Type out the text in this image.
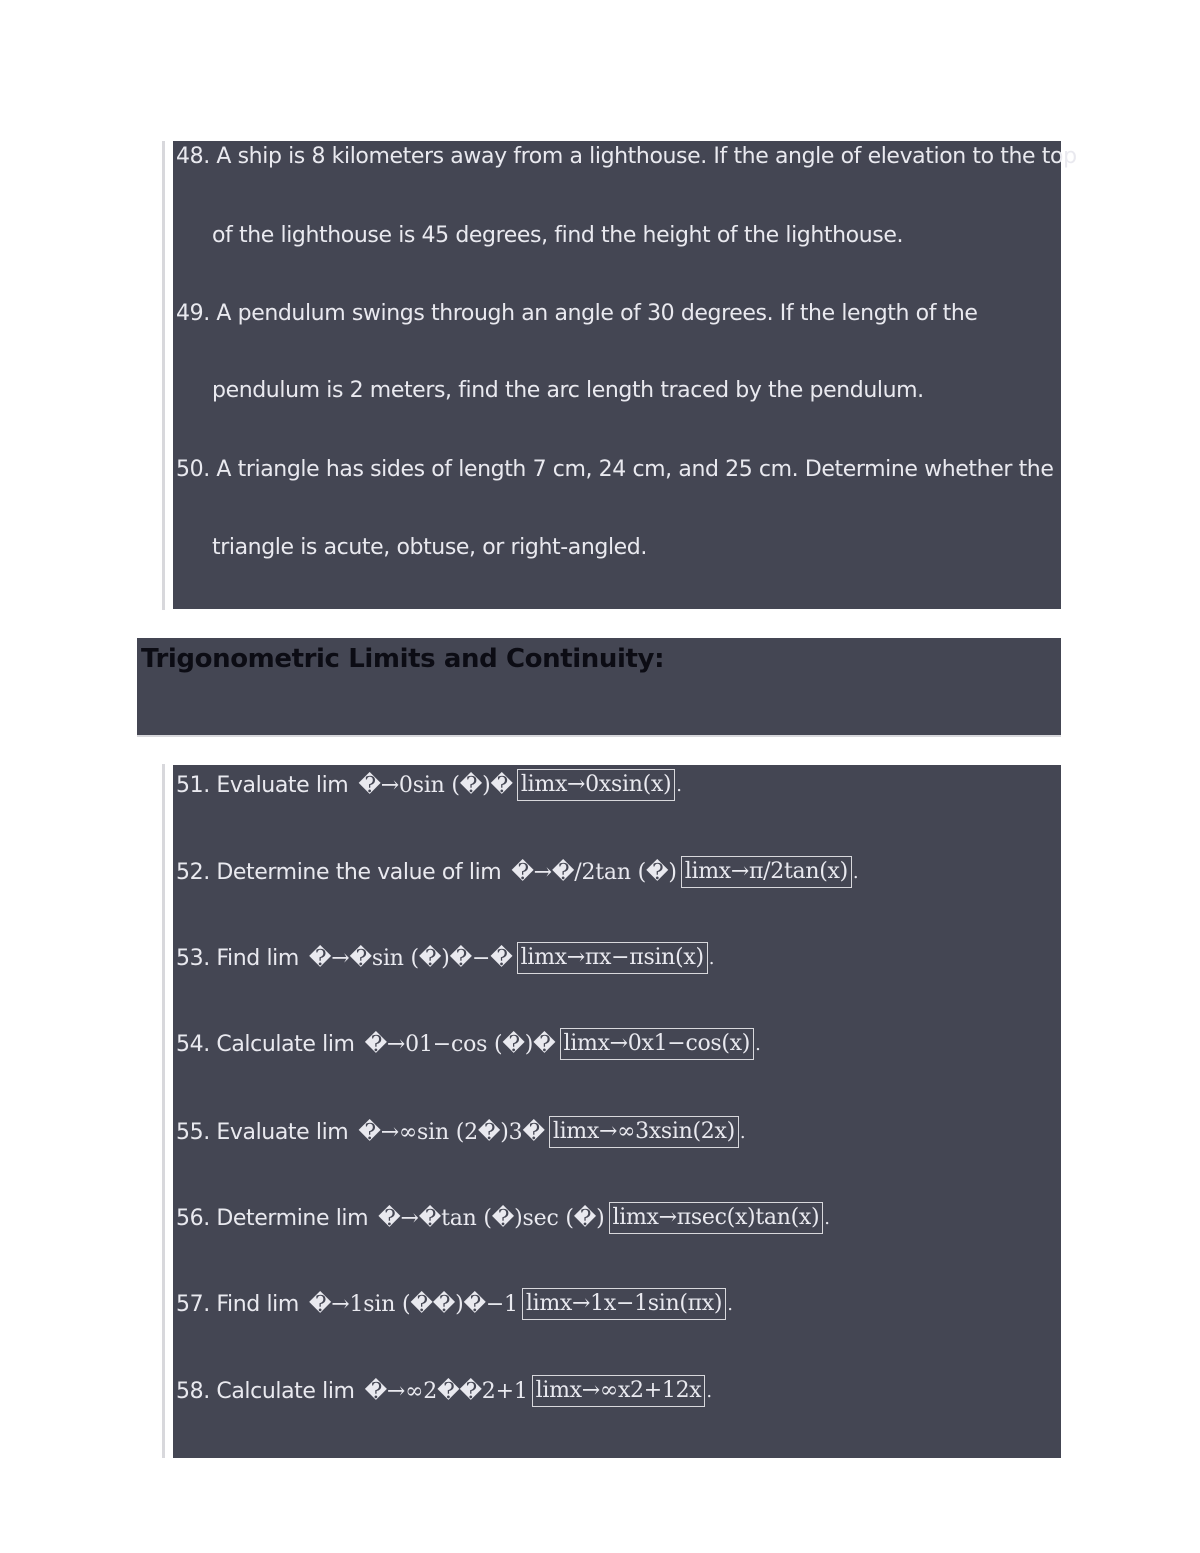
48. A ship is 8 kilometers away from a lighthouse. If the angle of elevation to the top
of the lighthouse is 45 degrees, find the height of the lighthouse.
49. A pendulum swings through an angle of 30 degrees. If the length of the
pendulum is 2 meters, find the arc length traced by the pendulum.
50. A triangle has sides of length 7 cm, 24 cm, and 25 cm. Determine whether the
triangle is acute, obtuse, or right-angled.
Trigonometric Limits and Continuity:
51. Evaluate lim �→0sin (�)� limx→0xsin(x) .
52. Determine the value of lim �→�/2tan (�) limx→π/2tan(x) .
53. Find lim �→�sin (�)�−� limx→πx−πsin(x) .
54. Calculate lim �→01−cos (�)� limx→0x1−cos(x) .
55. Evaluate lim �→∞sin (2�)3� limx→∞3xsin(2x) .
56. Determine lim �→�tan (�)sec (�) limx→πsec(x)tan(x) .
57. Find lim �→1sin (��)�−1 limx→1x−1sin(πx) .
58. Calculate lim �→∞2��2+1 limx→∞x2+12x .
